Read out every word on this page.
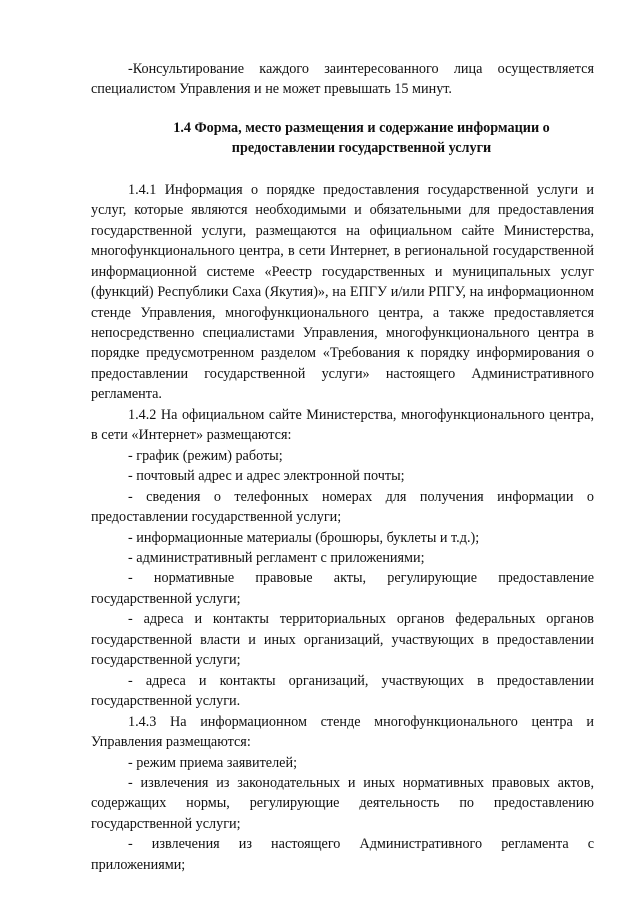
-Консультирование каждого заинтересованного лица осуществляется специалистом Управления и не может превышать 15 минут.

1.4 Форма, место размещения и содержание информации о предоставлении государственной услуги

1.4.1 Информация о порядке предоставления государственной услуги и услуг, которые являются необходимыми и обязательными для предоставления государственной услуги, размещаются на официальном сайте Министерства, многофункционального центра, в сети Интернет, в региональной государственной информационной системе «Реестр государственных и муниципальных услуг (функций) Республики Саха (Якутия)», на ЕПГУ и/или РПГУ, на информационном стенде Управления, многофункционального центра, а также предоставляется непосредственно специалистами Управления, многофункционального центра в порядке предусмотренном разделом «Требования к порядку информирования о предоставлении государственной услуги» настоящего Административного регламента.

1.4.2 На официальном сайте Министерства, многофункционального центра, в сети «Интернет» размещаются:

- график (режим) работы;

- почтовый адрес и адрес электронной почты;

- сведения о телефонных номерах для получения информации о предоставлении государственной услуги;

- информационные материалы (брошюры, буклеты и т.д.);

- административный регламент с приложениями;

- нормативные правовые акты, регулирующие предоставление государственной услуги;

- адреса и контакты территориальных органов федеральных органов государственной власти и иных организаций, участвующих в предоставлении государственной услуги;

- адреса и контакты организаций, участвующих в предоставлении государственной услуги.

1.4.3 На информационном стенде многофункционального центра и Управления размещаются:

- режим приема заявителей;

- извлечения из законодательных и иных нормативных правовых актов, содержащих нормы, регулирующие деятельность по предоставлению государственной услуги;

- извлечения из настоящего Административного регламента с приложениями;
